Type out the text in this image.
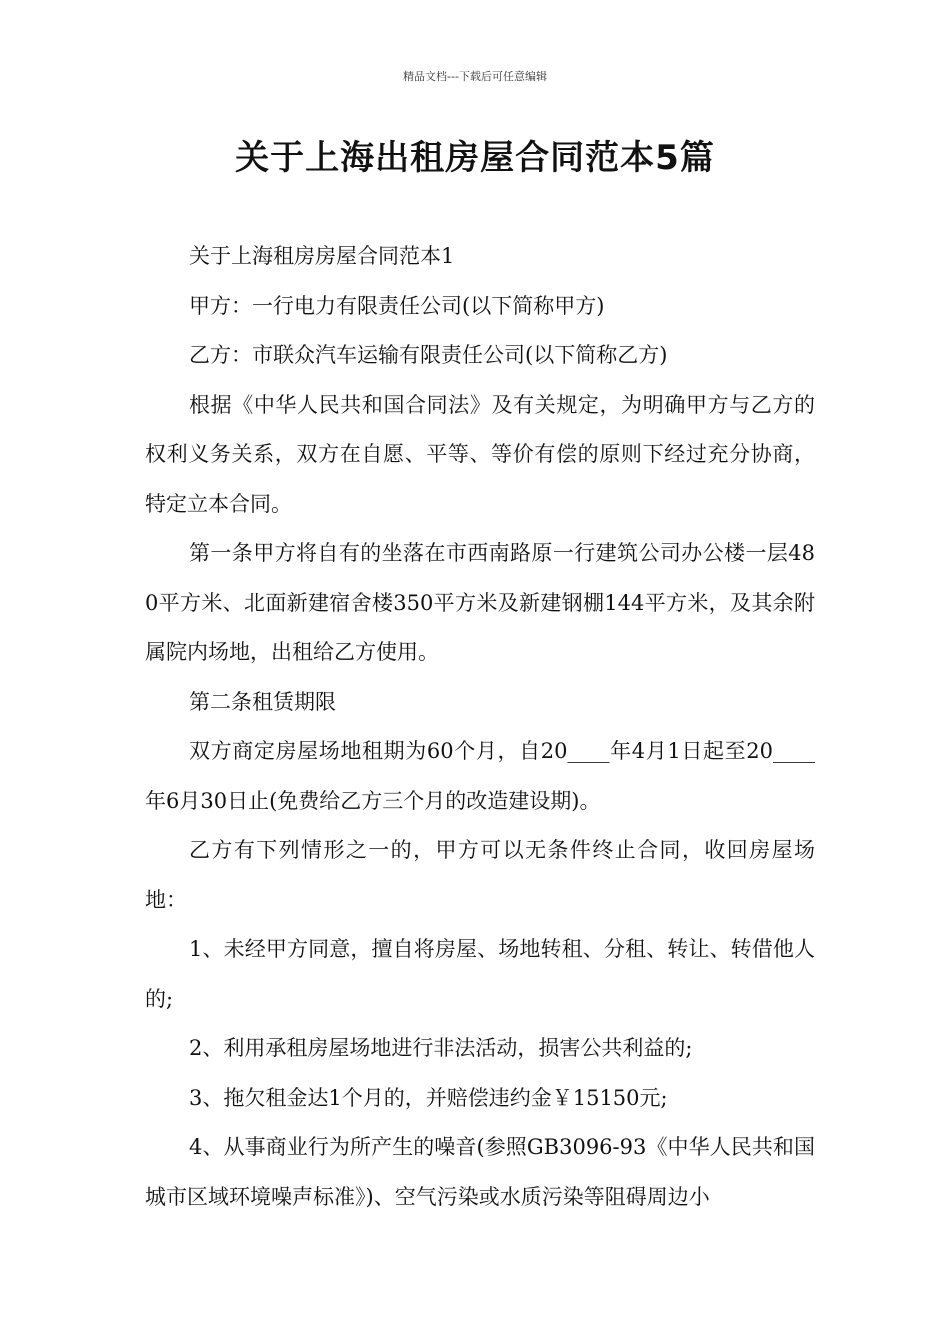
精品文档---下载后可任意编辑
关于上海出租房屋合同范本5篇

关于上海租房房屋合同范本1

甲方：一行电力有限责任公司(以下简称甲方)

乙方：市联众汽车运输有限责任公司(以下简称乙方)

根据《中华人民共和国合同法》及有关规定，为明确甲方与乙方的权利义务关系，双方在自愿、平等、等价有偿的原则下经过充分协商，特定立本合同。

第一条甲方将自有的坐落在市西南路原一行建筑公司办公楼一层480平方米、北面新建宿舍楼350平方米及新建钢棚144平方米，及其余附属院内场地，出租给乙方使用。

第二条租赁期限

双方商定房屋场地租期为60个月，自20____年4月1日起至20____年6月30日止(免费给乙方三个月的改造建设期)。

乙方有下列情形之一的，甲方可以无条件终止合同，收回房屋场地：

1、未经甲方同意，擅自将房屋、场地转租、分租、转让、转借他人的;

2、利用承租房屋场地进行非法活动，损害公共利益的;

3、拖欠租金达1个月的，并赔偿违约金￥15150元;

4、从事商业行为所产生的噪音(参照GB3096-93《中华人民共和国城市区域环境噪声标准》)、空气污染或水质污染等阻碍周边小
